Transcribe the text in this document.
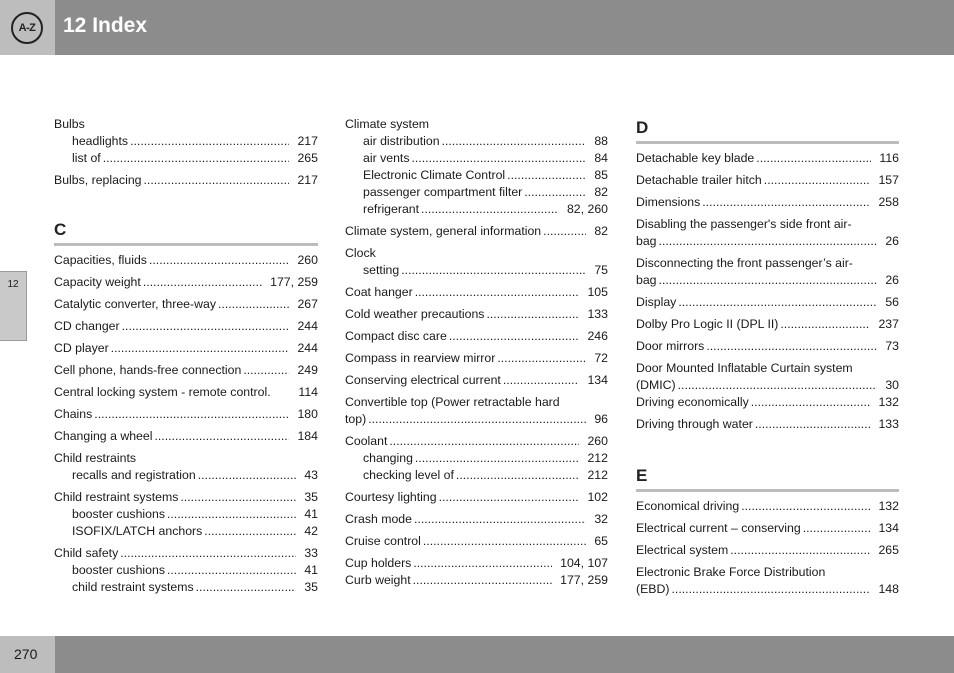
A-Z	12 Index
12
Bulbs
headlights .....	217
list of .....	265
Bulbs, replacing .....	217
C
Capacities, fluids .....	260
Capacity weight .....	177, 259
Catalytic converter, three-way .....	267
CD changer .....	244
CD player .....	244
Cell phone, hands-free connection .....	249
Central locking system - remote control. 114
Chains .....	180
Changing a wheel .....	184
Child restraints
recalls and registration .....	43
Child restraint systems .....	35
booster cushions .....	41
ISOFIX/LATCH anchors .....	42
Child safety .....	33
booster cushions .....	41
child restraint systems .....	35
Climate system
air distribution .....	88
air vents .....	84
Electronic Climate Control .....	85
passenger compartment filter .....	82
refrigerant .....	82, 260
Climate system, general information .....	82
Clock
setting .....	75
Coat hanger .....	105
Cold weather precautions .....	133
Compact disc care .....	246
Compass in rearview mirror .....	72
Conserving electrical current .....	134
Convertible top (Power retractable hard
top) .....	96
Coolant .....	260
changing .....	212
checking level of .....	212
Courtesy lighting .....	102
Crash mode .....	32
Cruise control .....	65
Cup holders .....	104, 107
Curb weight .....	177, 259
D
Detachable key blade .....	116
Detachable trailer hitch .....	157
Dimensions .....	258
Disabling the passenger's side front air-
bag .....	26
Disconnecting the front passenger’s air-
bag .....	26
Display .....	56
Dolby Pro Logic II (DPL II) .....	237
Door mirrors .....	73
Door Mounted Inflatable Curtain system
(DMIC) .....	30
Driving economically .....	132
Driving through water .....	133
E
Economical driving .....	132
Electrical current – conserving .....	134
Electrical system .....	265
Electronic Brake Force Distribution
(EBD) .....	148
270
